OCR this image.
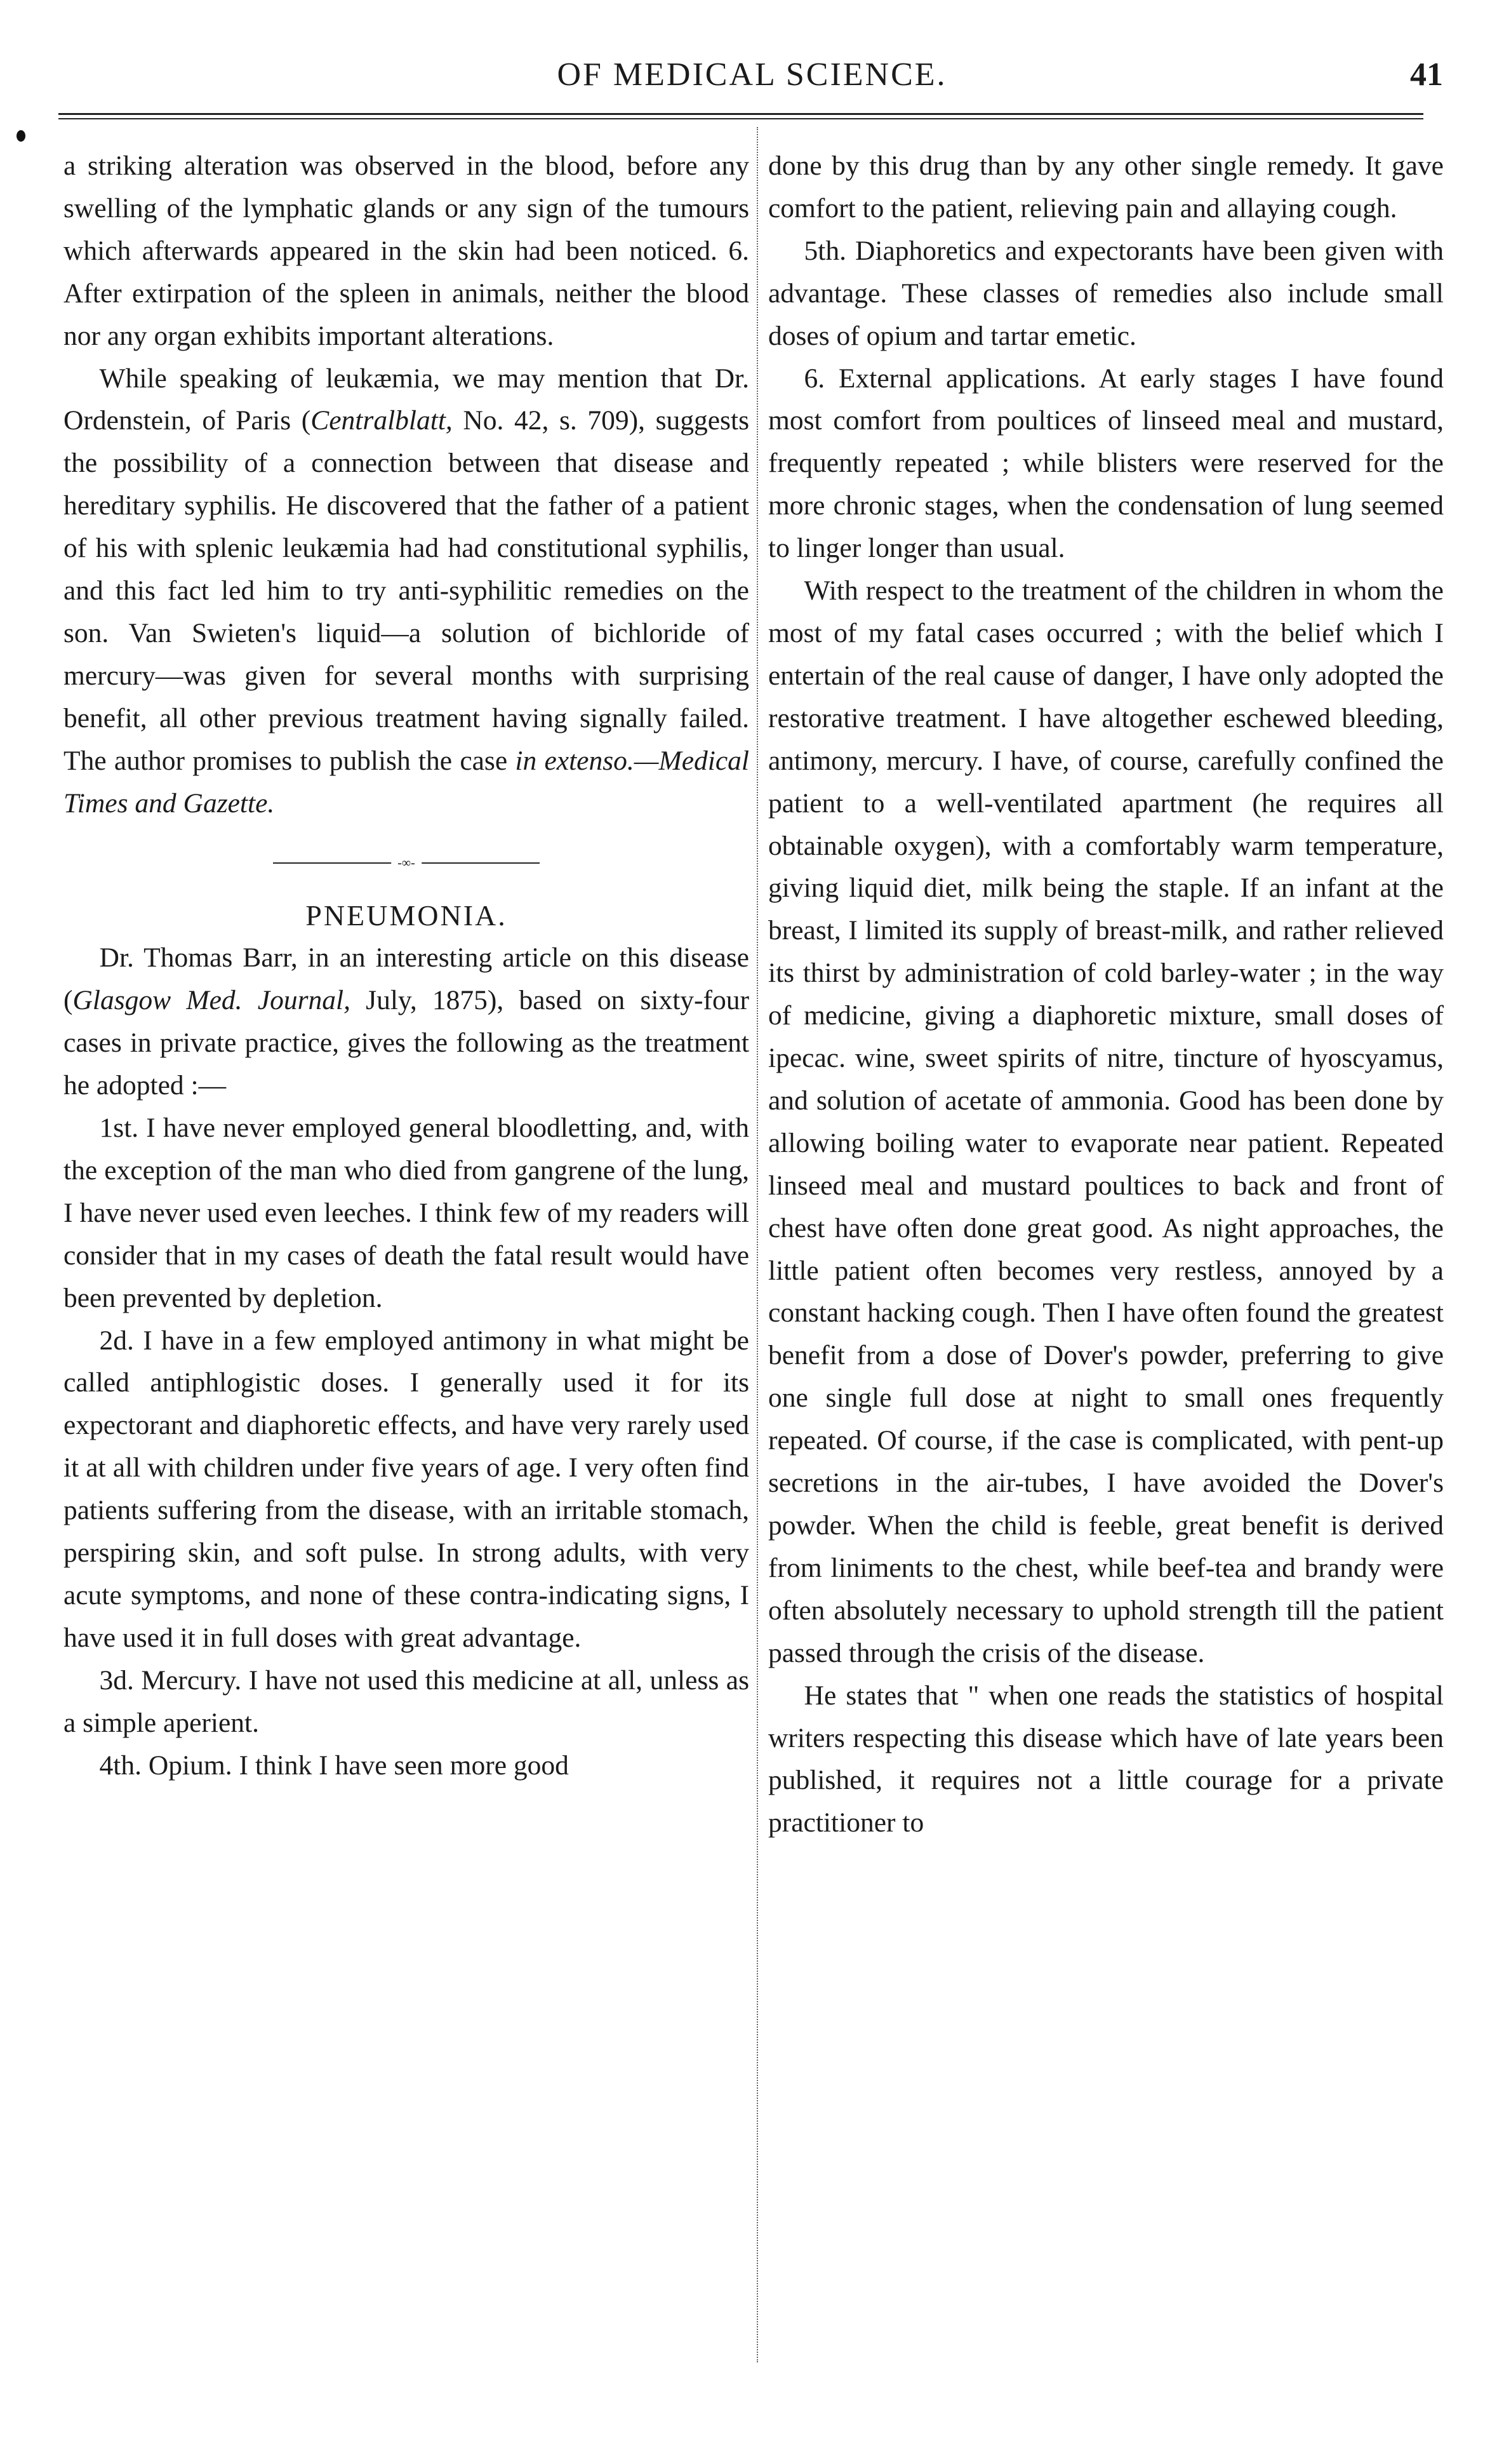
OF MEDICAL SCIENCE.	41

a striking alteration was observed in the blood, before any swelling of the lymphatic glands or any sign of the tumours which afterwards appeared in the skin had been noticed. 6. After extirpation of the spleen in animals, neither the blood nor any organ exhibits important alterations.

While speaking of leukæmia, we may mention that Dr. Ordenstein, of Paris (Centralblatt, No. 42, s. 709), suggests the possibility of a connection between that disease and hereditary syphilis. He discovered that the father of a patient of his with splenic leukæmia had had constitutional syphilis, and this fact led him to try anti-syphilitic remedies on the son. Van Swieten's liquid—a solution of bichloride of mercury—was given for several months with surprising benefit, all other previous treatment having signally failed. The author promises to publish the case in extenso.—Medical Times and Gazette.

-∞-

PNEUMONIA.

Dr. Thomas Barr, in an interesting article on this disease (Glasgow Med. Journal, July, 1875), based on sixty-four cases in private practice, gives the following as the treatment he adopted :—

1st. I have never employed general bloodletting, and, with the exception of the man who died from gangrene of the lung, I have never used even leeches. I think few of my readers will consider that in my cases of death the fatal result would have been prevented by depletion.

2d. I have in a few employed antimony in what might be called antiphlogistic doses. I generally used it for its expectorant and diaphoretic effects, and have very rarely used it at all with children under five years of age. I very often find patients suffering from the disease, with an irritable stomach, perspiring skin, and soft pulse. In strong adults, with very acute symptoms, and none of these contra-indicating signs, I have used it in full doses with great advantage.

3d. Mercury. I have not used this medicine at all, unless as a simple aperient.

4th. Opium. I think I have seen more good

done by this drug than by any other single remedy. It gave comfort to the patient, relieving pain and allaying cough.

5th. Diaphoretics and expectorants have been given with advantage. These classes of remedies also include small doses of opium and tartar emetic.

6. External applications. At early stages I have found most comfort from poultices of linseed meal and mustard, frequently repeated ; while blisters were reserved for the more chronic stages, when the condensation of lung seemed to linger longer than usual.

With respect to the treatment of the children in whom the most of my fatal cases occurred ; with the belief which I entertain of the real cause of danger, I have only adopted the restorative treatment. I have altogether eschewed bleeding, antimony, mercury. I have, of course, carefully confined the patient to a well-ventilated apartment (he requires all obtainable oxygen), with a comfortably warm temperature, giving liquid diet, milk being the staple. If an infant at the breast, I limited its supply of breast-milk, and rather relieved its thirst by administration of cold barley-water ; in the way of medicine, giving a diaphoretic mixture, small doses of ipecac. wine, sweet spirits of nitre, tincture of hyoscyamus, and solution of acetate of ammonia. Good has been done by allowing boiling water to evaporate near patient. Repeated linseed meal and mustard poultices to back and front of chest have often done great good. As night approaches, the little patient often becomes very restless, annoyed by a constant hacking cough. Then I have often found the greatest benefit from a dose of Dover's powder, preferring to give one single full dose at night to small ones frequently repeated. Of course, if the case is complicated, with pent-up secretions in the air-tubes, I have avoided the Dover's powder. When the child is feeble, great benefit is derived from liniments to the chest, while beef-tea and brandy were often absolutely necessary to uphold strength till the patient passed through the crisis of the disease.

He states that " when one reads the statistics of hospital writers respecting this disease which have of late years been published, it requires not a little courage for a private practitioner to
